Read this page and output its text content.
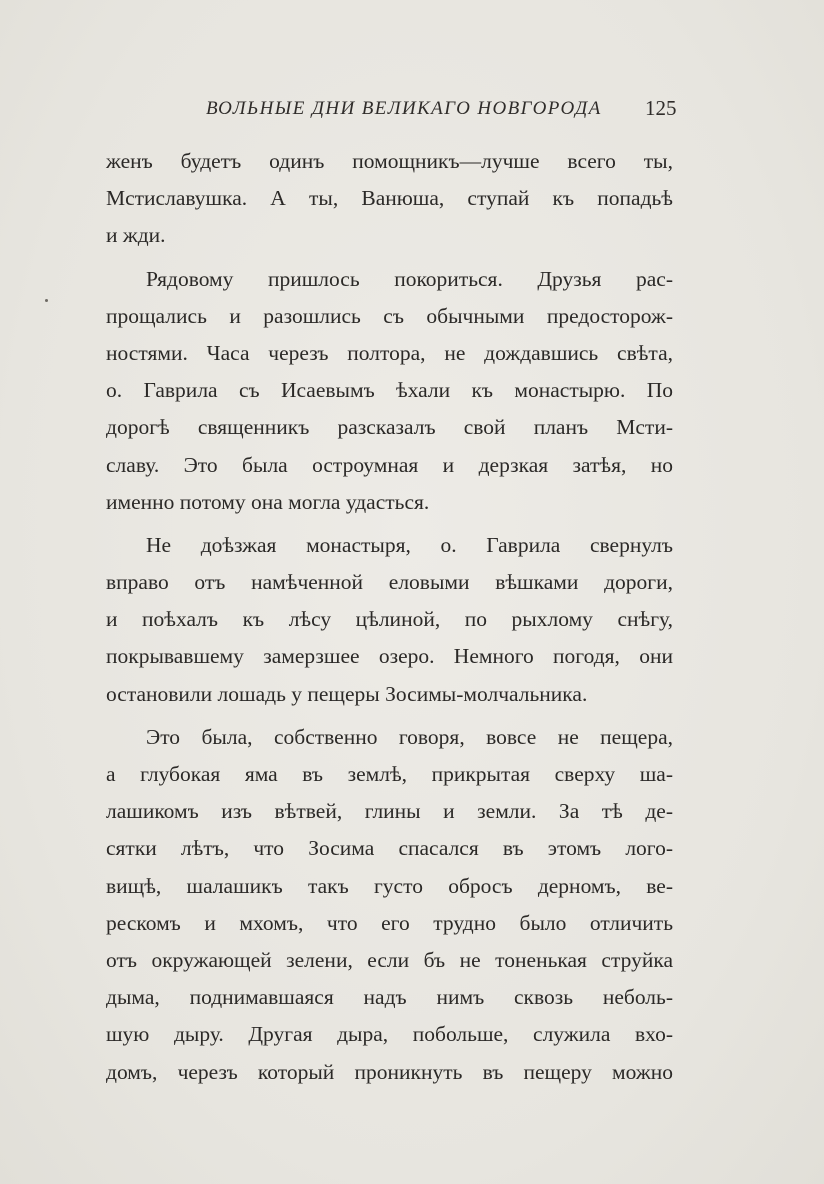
ВОЛЬНЫЕ ДНИ ВЕЛИКАГО НОВГОРОДА 125
женъ будетъ одинъ помощникъ—лучше всего ты,
Мстиславушка. А ты, Ванюша, ступай къ попадьѣ
и жди.
Рядовому пришлось покориться. Друзья рас-
прощались и разошлись съ обычными предосторож-
ностями. Часа черезъ полтора, не дождавшись свѣта,
о. Гаврила съ Исаевымъ ѣхали къ монастырю. По
дорогѣ священникъ разсказалъ свой планъ Мсти-
славу. Это была остроумная и дерзкая затѣя, но
именно потому она могла удасться.
Не доѣзжая монастыря, о. Гаврила свернулъ
вправо отъ намѣченной еловыми вѣшками дороги,
и поѣхалъ къ лѣсу цѣлиной, по рыхлому снѣгу,
покрывавшему замерзшее озеро. Немного погодя, они
остановили лошадь у пещеры Зосимы-молчальника.
Это была, собственно говоря, вовсе не пещера,
а глубокая яма въ землѣ, прикрытая сверху ша-
лашикомъ изъ вѣтвей, глины и земли. За тѣ де-
сятки лѣтъ, что Зосима спасался въ этомъ лого-
вищѣ, шалашикъ такъ густо обросъ дерномъ, ве-
рескомъ и мхомъ, что его трудно было отличить
отъ окружающей зелени, если бъ не тоненькая струйка
дыма, поднимавшаяся надъ нимъ сквозь неболь-
шую дыру. Другая дыра, побольше, служила вхо-
домъ, черезъ который проникнуть въ пещеру можно
